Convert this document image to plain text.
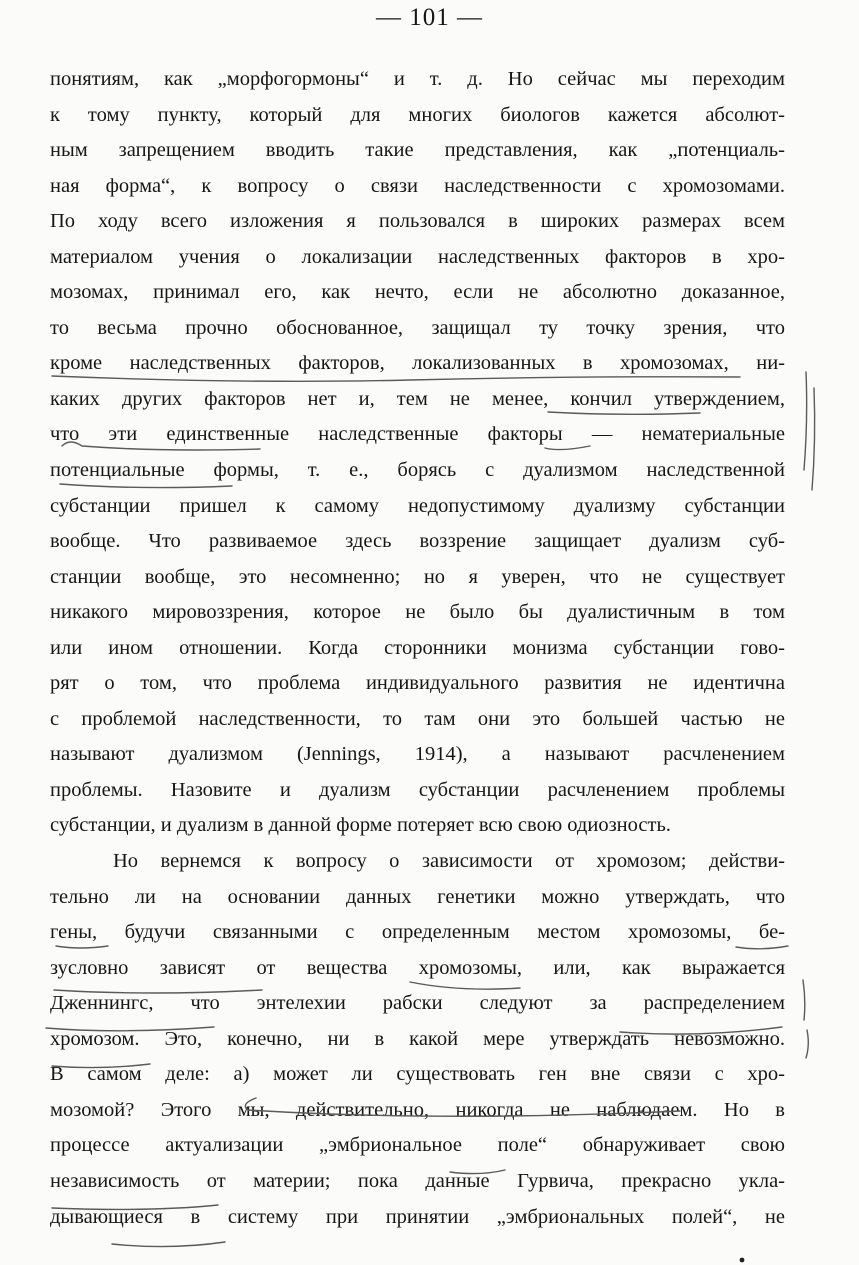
— 101 —
понятиям, как „морфогормоны“ и т. д. Но сейчас мы переходим
к тому пункту, который для многих биологов кажется абсолют-
ным запрещением вводить такие представления, как „потенциаль-
ная форма“, к вопросу о связи наследственности с хромозомами.
По ходу всего изложения я пользовался в широких размерах всем
материалом учения о локализации наследственных факторов в хро-
мозомах, принимал его, как нечто, если не абсолютно доказанное,
то весьма прочно обоснованное, защищал ту точку зрения, что
кроме наследственных факторов, локализованных в хромозомах, ни-
каких других факторов нет и, тем не менее, кончил утверждением,
что эти единственные наследственные факторы — нематериальные
потенциальные формы, т. е., борясь с дуализмом наследственной
субстанции пришел к самому недопустимому дуализму субстанции
вообще. Что развиваемое здесь воззрение защищает дуализм суб-
станции вообще, это несомненно; но я уверен, что не существует
никакого мировоззрения, которое не было бы дуалистичным в том
или ином отношении. Когда сторонники монизма субстанции гово-
рят о том, что проблема индивидуального развития не идентична
с проблемой наследственности, то там они это большей частью не
называют дуализмом (Jennings, 1914), а называют расчленением
проблемы. Назовите и дуализм субстанции расчленением проблемы
субстанции, и дуализм в данной форме потеряет всю свою одиозность.
Но вернемся к вопросу о зависимости от хромозом; действи-
тельно ли на основании данных генетики можно утверждать, что
гены, будучи связанными с определенным местом хромозомы, бе-
зусловно зависят от вещества хромозомы, или, как выражается
Дженнингс, что энтелехии рабски следуют за распределением
хромозом. Это, конечно, ни в какой мере утверждать невозможно.
В самом деле: а) может ли существовать ген вне связи с хро-
мозомой? Этого мы, действительно, никогда не наблюдаем. Но в
процессе актуализации „эмбриональное поле“ обнаруживает свою
независимость от материи; пока данные Гурвича, прекрасно укла-
дывающиеся в систему при принятии „эмбриональных полей“, не
